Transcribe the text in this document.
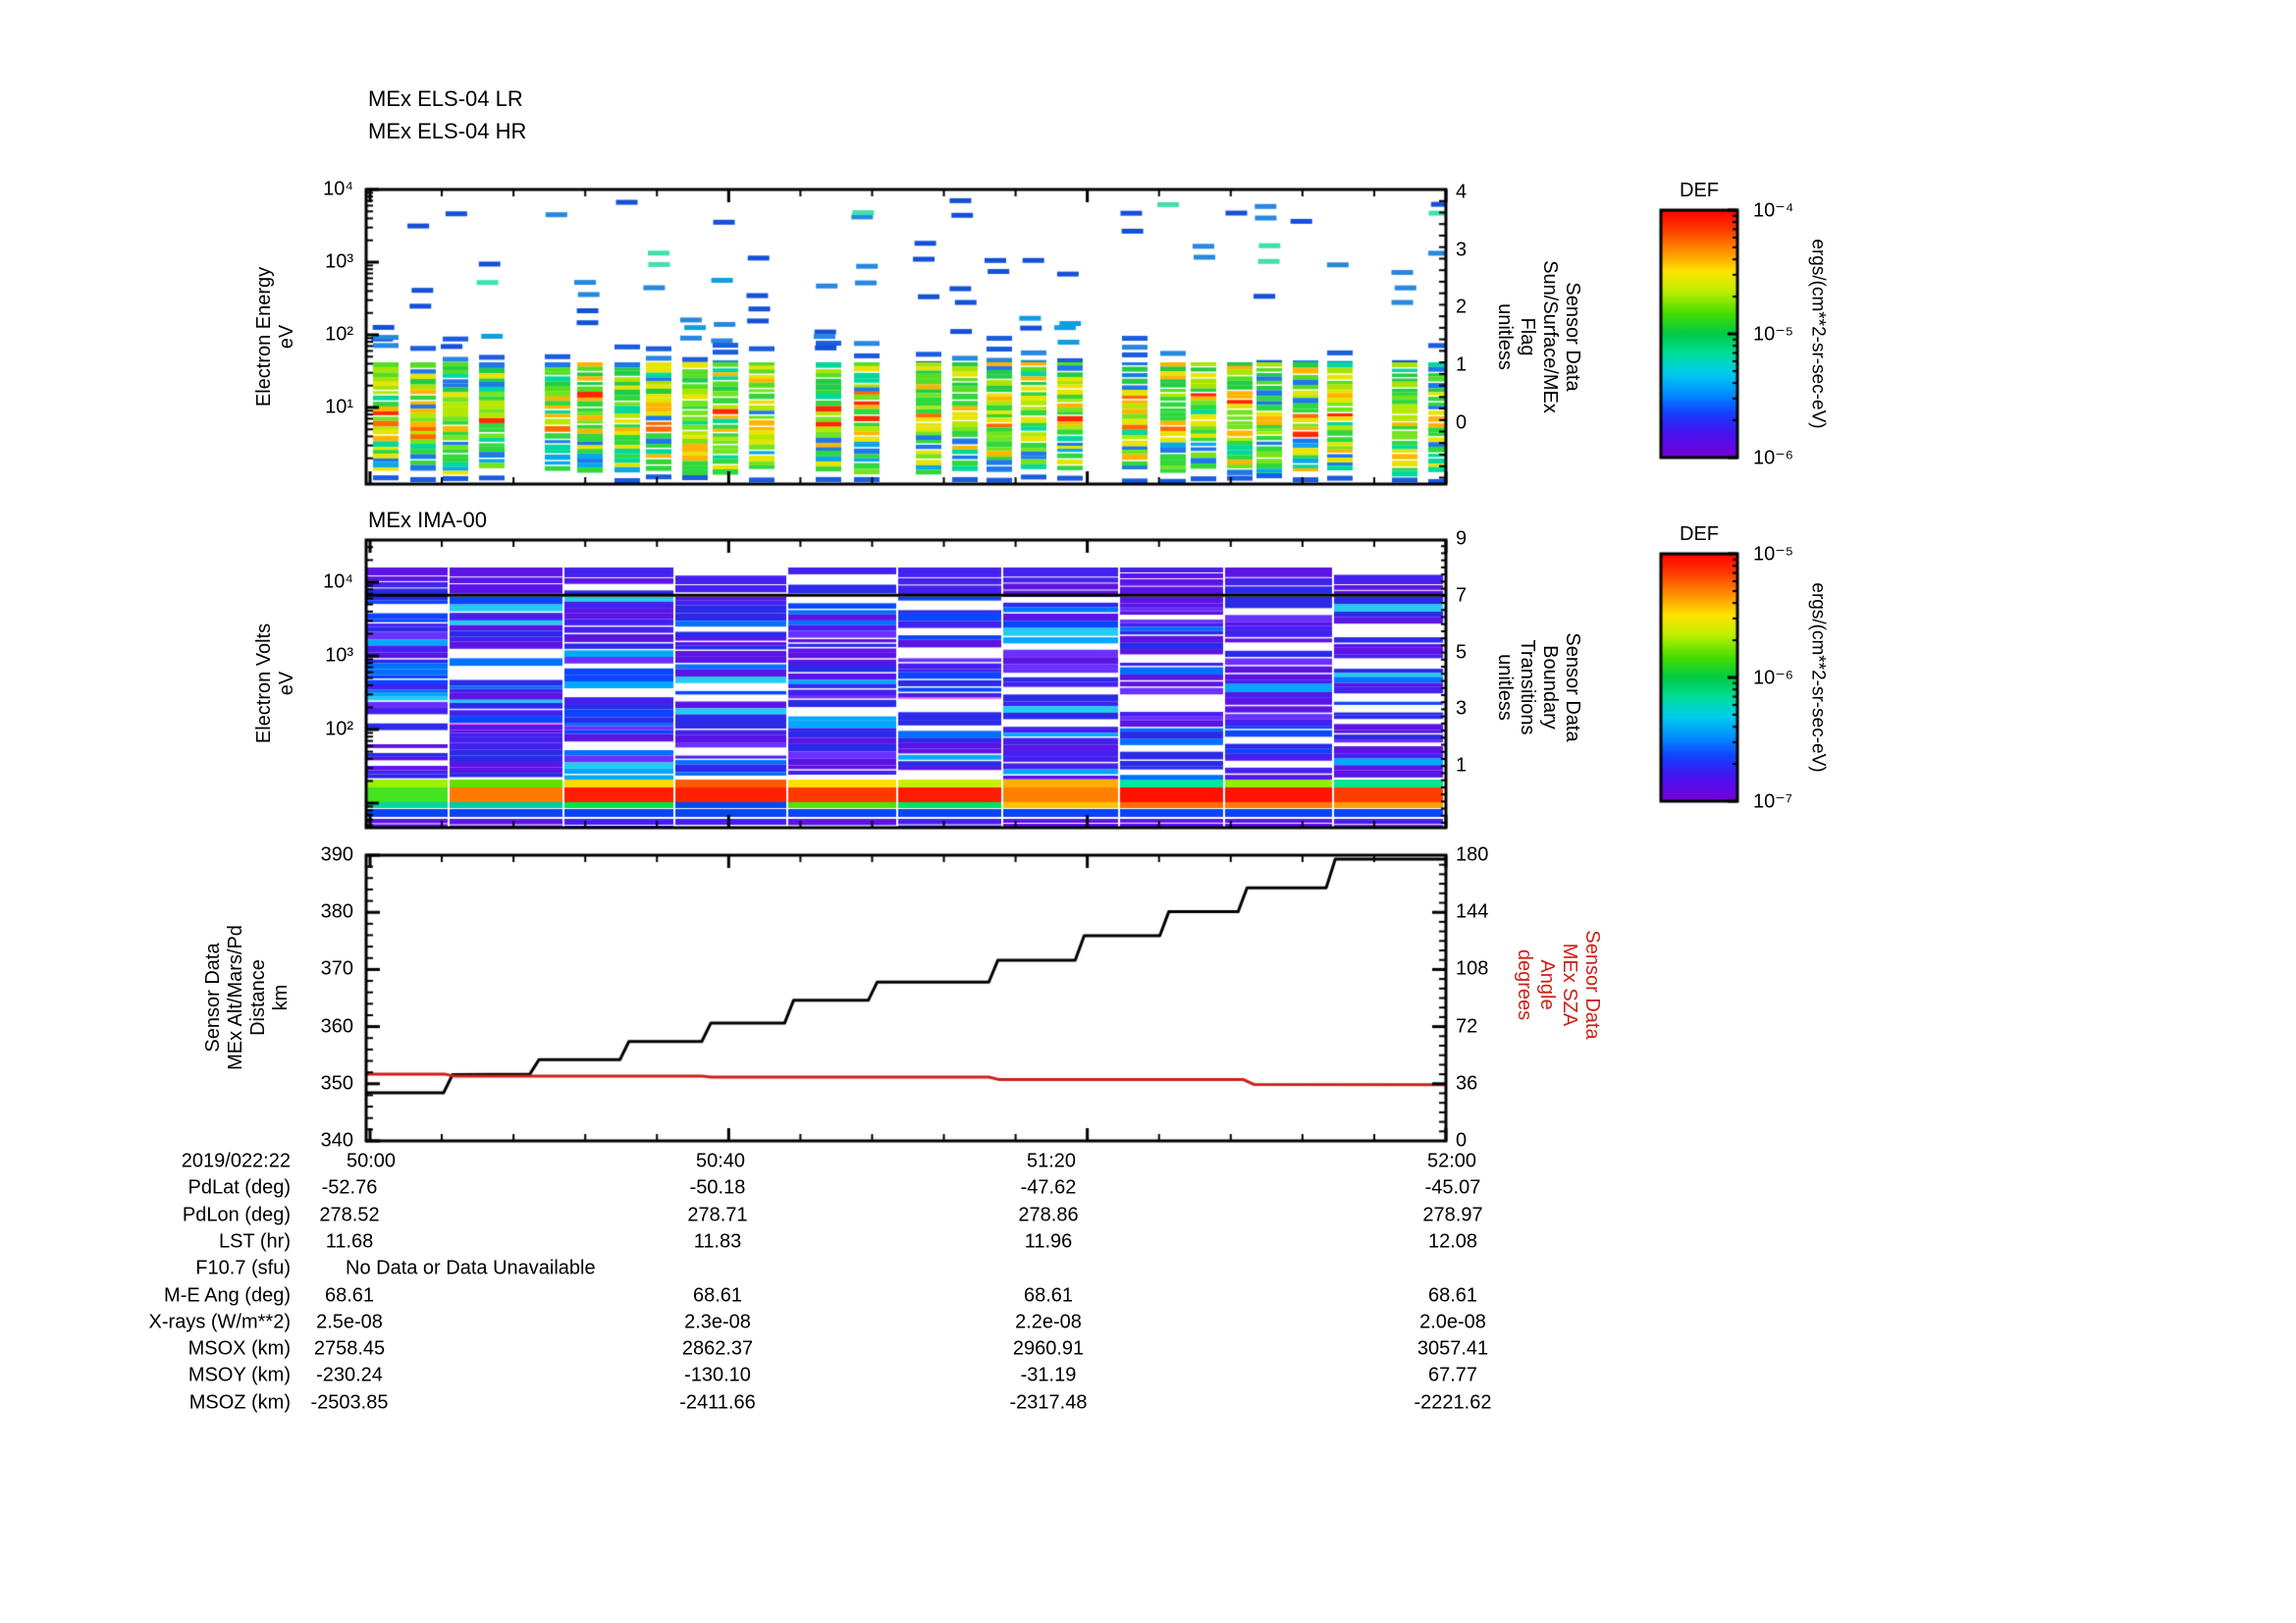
MEx ELS-04 LR
MEx ELS-04 HR
MEx IMA-00
Electron Energy eV
Electron Volts eV
Sensor Data MEx Alt/Mars/Pd Distance km
Sensor Data
Sun/Surface/MEx
Flag
unitless
Sensor Data
Boundary
Transitions
unitless
Sensor Data
MEx SZA
Angle
degrees
DEF
DEF
ergs/(cm**2-sr-sec-eV)
ergs/(cm**2-sr-sec-eV)
10⁴
10³
10²
10¹
4
3
2
1
0
10⁴
10³
10²
9
7
5
3
1
390
380
370
360
350
340
180
144
108
72
36
0
10⁻⁴
10⁻⁵
10⁻⁶
10⁻⁵
10⁻⁶
10⁻⁷
2019/022:22	50:00	50:40	51:20	52:00
PdLat (deg) -52.76	-50.18	-47.62	-45.07
PdLon (deg) 278.52	278.71	278.86	278.97
LST (hr) 11.68	11.83	11.96	12.08
F10.7 (sfu)	No Data or Data Unavailable
M-E Ang (deg) 68.61	68.61	68.61	68.61
X-rays (W/m**2) 2.5e-08	2.3e-08	2.2e-08	2.0e-08
MSOX (km) 2758.45	2862.37	2960.91	3057.41
MSOY (km) -230.24	-130.10	-31.19	67.77
MSOZ (km) -2503.85	-2411.66	-2317.48	-2221.62
